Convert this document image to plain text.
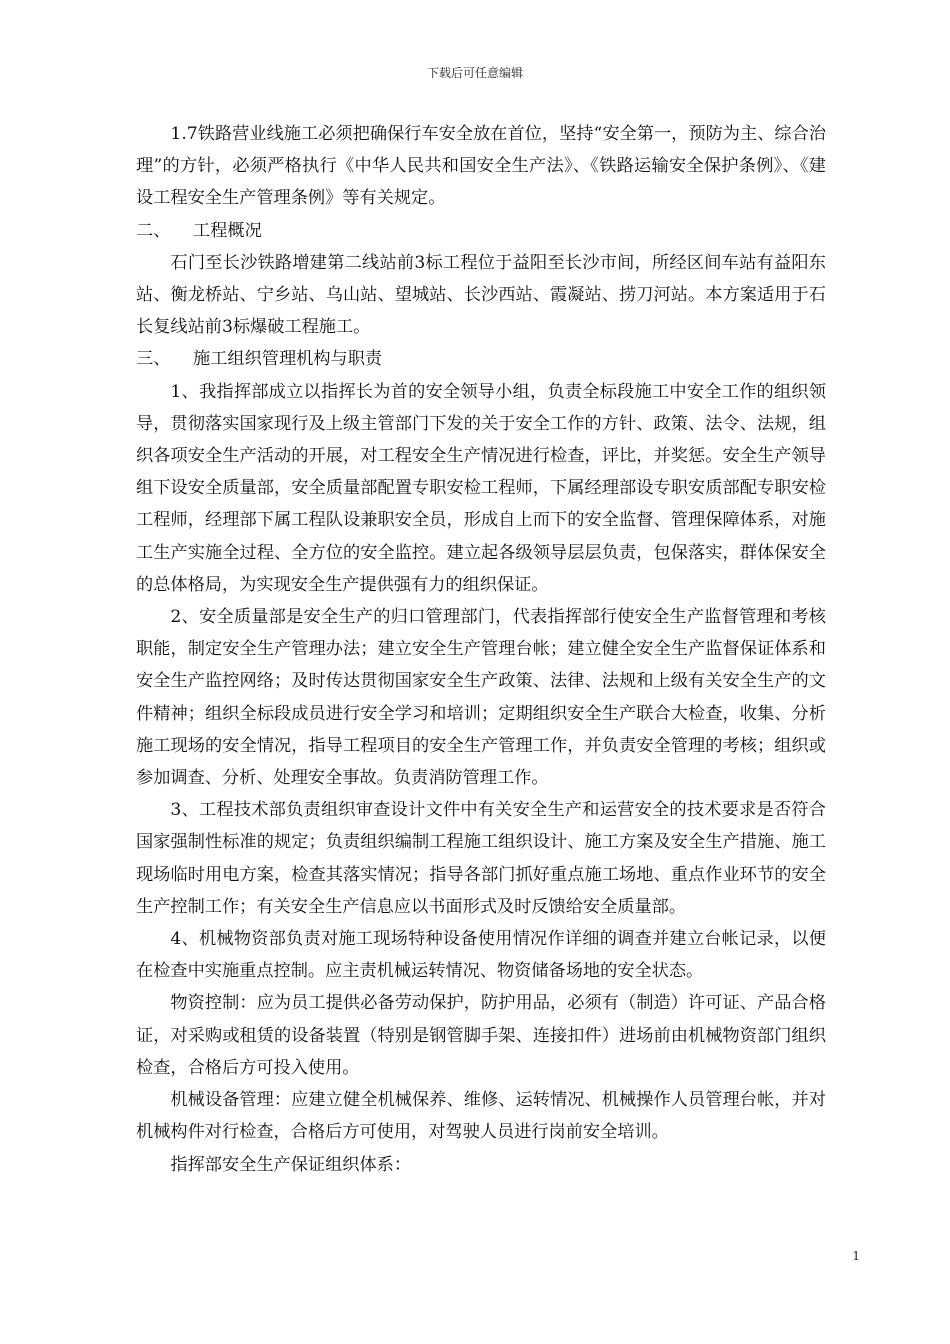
下载后可任意编辑

1.7铁路营业线施工必须把确保行车安全放在首位，坚持“安全第一，预防为主、综合治理”的方针，必须严格执行《中华人民共和国安全生产法》、《铁路运输安全保护条例》、《建设工程安全生产管理条例》等有关规定。

二、	工程概况

石门至长沙铁路增建第二线站前3标工程位于益阳至长沙市间，所经区间车站有益阳东站、衡龙桥站、宁乡站、乌山站、望城站、长沙西站、霞凝站、捞刀河站。本方案适用于石长复线站前3标爆破工程施工。

三、	施工组织管理机构与职责

1、我指挥部成立以指挥长为首的安全领导小组，负责全标段施工中安全工作的组织领导，贯彻落实国家现行及上级主管部门下发的关于安全工作的方针、政策、法令、法规，组织各项安全生产活动的开展，对工程安全生产情况进行检查，评比，并奖惩。安全生产领导组下设安全质量部，安全质量部配置专职安检工程师，下属经理部设专职安质部配专职安检工程师，经理部下属工程队设兼职安全员，形成自上而下的安全监督、管理保障体系，对施工生产实施全过程、全方位的安全监控。建立起各级领导层层负责，包保落实，群体保安全的总体格局，为实现安全生产提供强有力的组织保证。

2、安全质量部是安全生产的归口管理部门，代表指挥部行使安全生产监督管理和考核职能，制定安全生产管理办法；建立安全生产管理台帐；建立健全安全生产监督保证体系和安全生产监控网络；及时传达贯彻国家安全生产政策、法律、法规和上级有关安全生产的文件精神；组织全标段成员进行安全学习和培训；定期组织安全生产联合大检查，收集、分析施工现场的安全情况，指导工程项目的安全生产管理工作，并负责安全管理的考核；组织或参加调查、分析、处理安全事故。负责消防管理工作。

3、工程技术部负责组织审查设计文件中有关安全生产和运营安全的技术要求是否符合国家强制性标准的规定；负责组织编制工程施工组织设计、施工方案及安全生产措施、施工现场临时用电方案，检查其落实情况；指导各部门抓好重点施工场地、重点作业环节的安全生产控制工作；有关安全生产信息应以书面形式及时反馈给安全质量部。

4、机械物资部负责对施工现场特种设备使用情况作详细的调查并建立台帐记录，以便在检查中实施重点控制。应主责机械运转情况、物资储备场地的安全状态。

物资控制：应为员工提供必备劳动保护，防护用品，必须有（制造）许可证、产品合格证，对采购或租赁的设备装置（特别是钢管脚手架、连接扣件）进场前由机械物资部门组织检查，合格后方可投入使用。

机械设备管理：应建立健全机械保养、维修、运转情况、机械操作人员管理台帐，并对机械构件对行检查，合格后方可使用，对驾驶人员进行岗前安全培训。

指挥部安全生产保证组织体系：

1
